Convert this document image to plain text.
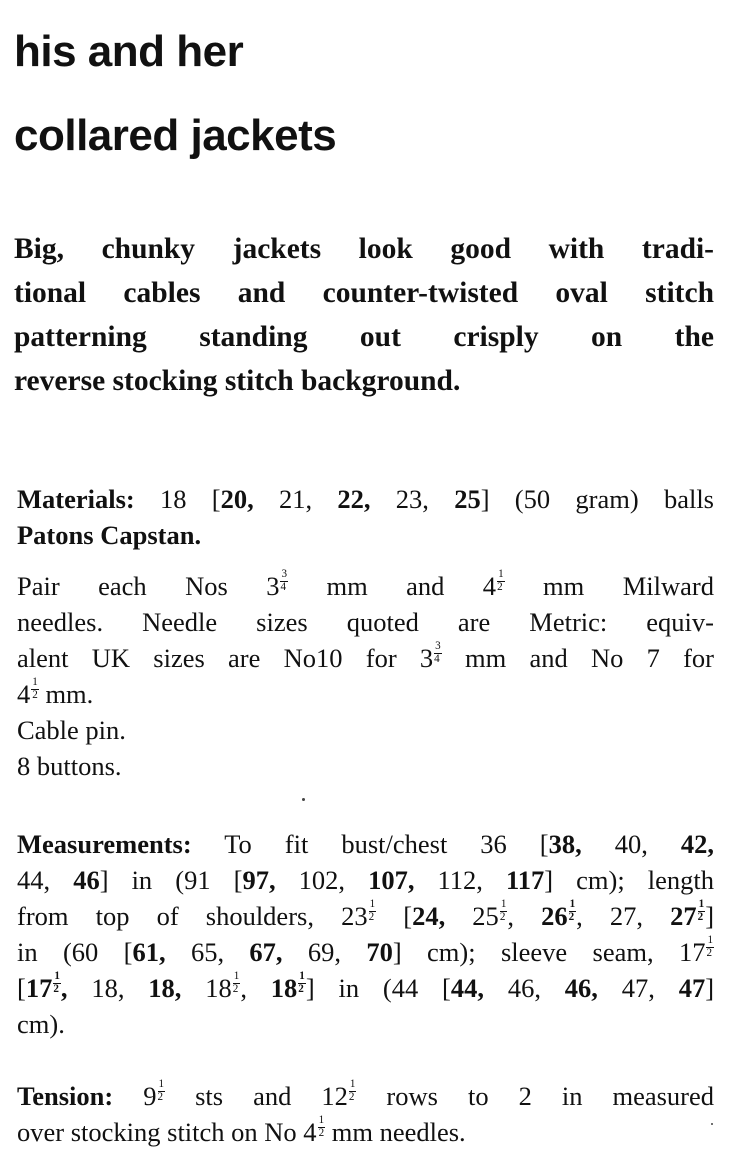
his and her
collared jackets

Big, chunky jackets look good with tradi-
tional cables and counter-twisted oval stitch
patterning standing out crisply on the
reverse stocking stitch background.

Materials: 18 [20, 21, 22, 23, 25] (50 gram) balls
Patons Capstan.
Pair each Nos $3 \frac{3}{4}$ mm and $4 \frac{1}{2}$ mm Milward
needles. Needle sizes quoted are Metric: equiv-
alent UK sizes are No10 for $3 \frac{3}{4}$ mm and No 7 for
$4 \frac{1}{2}$ mm.
Cable pin.
8 buttons.
Measurements: To fit bust/chest 36 [38, 40, 42,
44, 46] in (91 [97, 102, 107, 112, 117] cm); length
from top of shoulders, $23 \frac{1}{2} [24$, $25 \frac{1}{2}$ , $26 \frac{1}{2}$ , 27, $27 \frac{1}{2}$ ]
in (60 [61, 65, 67, 69, 70] cm); sleeve seam, $17 \frac{1}{2}$
[$17 \frac{1}{2}$ , 18, 18, $18 \frac{1}{2}$ , $18 \frac{1}{2}$ ] in (44 [44, 46, 46, 47, 47]
cm).
Tension: $9 \frac{1}{2}$ sts and $12 \frac{1}{2}$ rows to 2 in measured
over stocking stitch on No $4 \frac{1}{2}$ mm needles.
